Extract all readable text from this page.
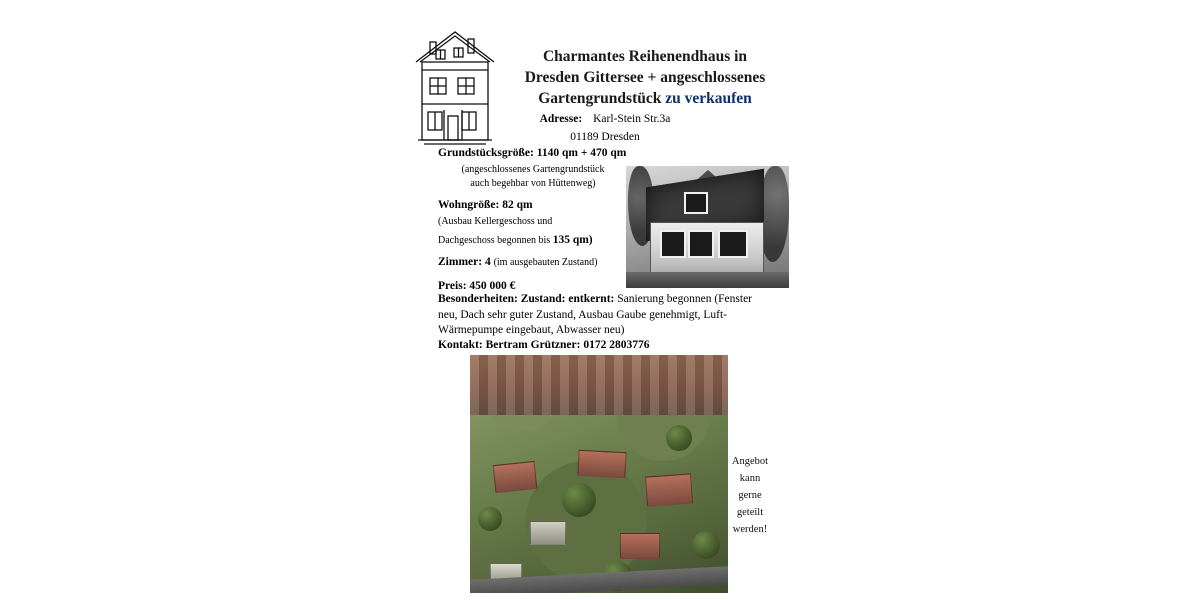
Charmantes Reihenendhaus in
Dresden Gittersee + angeschlossenes
Gartengrundstück zu verkaufen
Adresse: Karl-Stein Str.3a
01189 Dresden
Grundstücksgröße: 1140 qm + 470 qm
(angeschlossenes Gartengrundstück
auch begehbar von Hüttenweg)
Wohngröße: 82 qm
(Ausbau Kellergeschoss und
Dachgeschoss begonnen bis 135 qm)
Zimmer: 4 (im ausgebauten Zustand)
Preis: 450 000 €
Besonderheiten: Zustand: entkernt: Sanierung begonnen (Fenster neu, Dach sehr guter Zustand, Ausbau Gaube genehmigt, Luft-Wärmepumpe eingebaut, Abwasser neu)
Kontakt: Bertram Grützner: 0172 2803776
Angebot
kann
gerne
geteilt
werden!
